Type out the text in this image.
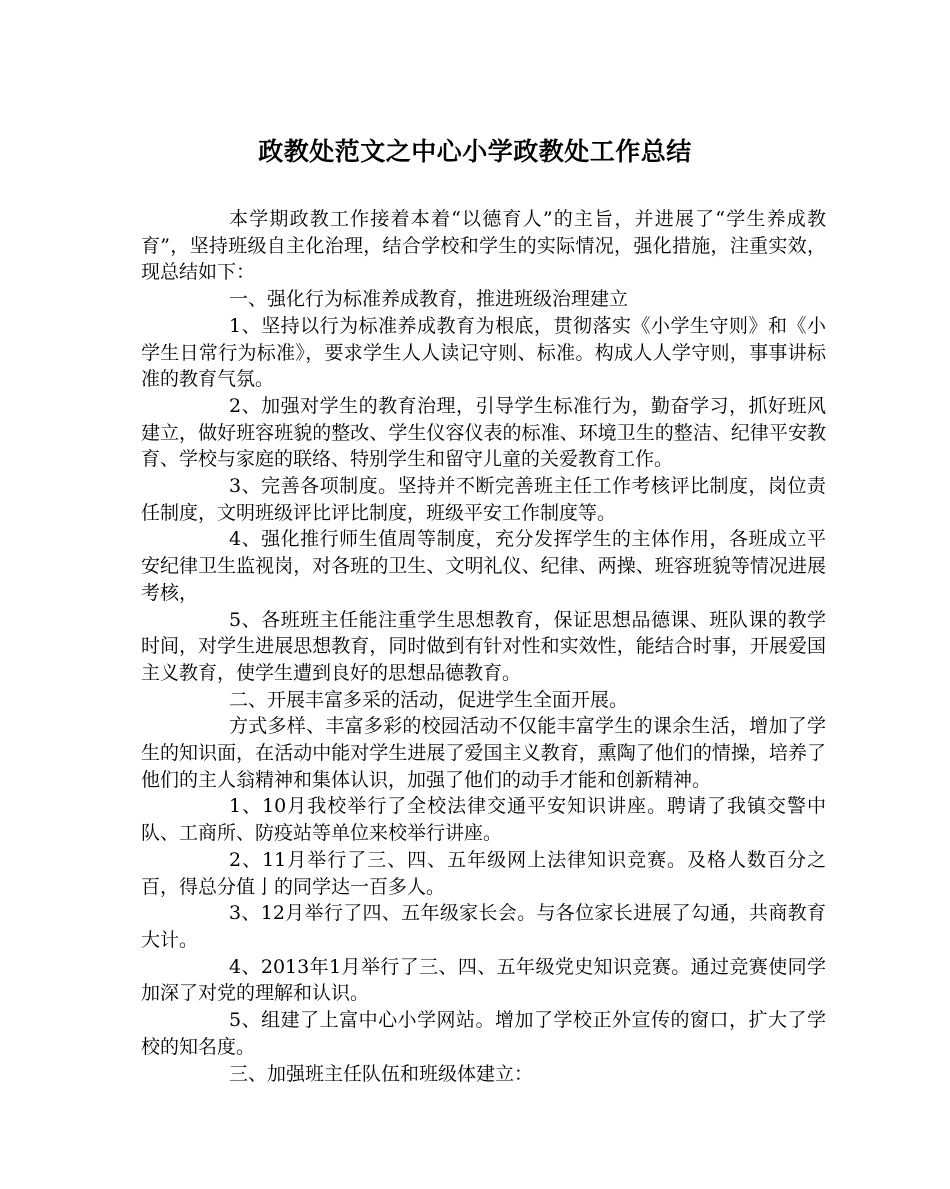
政教处范文之中心小学政教处工作总结

本学期政教工作接着本着“以德育人”的主旨，并进展了“学生养成教育”，坚持班级自主化治理，结合学校和学生的实际情况，强化措施，注重实效，现总结如下：

一、强化行为标准养成教育，推进班级治理建立

1、坚持以行为标准养成教育为根底，贯彻落实《小学生守则》和《小学生日常行为标准》，要求学生人人读记守则、标准。构成人人学守则，事事讲标准的教育气氛。

2、加强对学生的教育治理，引导学生标准行为，勤奋学习，抓好班风建立，做好班容班貌的整改、学生仪容仪表的标准、环境卫生的整洁、纪律平安教育、学校与家庭的联络、特别学生和留守儿童的关爱教育工作。

3、完善各项制度。坚持并不断完善班主任工作考核评比制度，岗位责任制度，文明班级评比评比制度，班级平安工作制度等。

4、强化推行师生值周等制度，充分发挥学生的主体作用，各班成立平安纪律卫生监视岗，对各班的卫生、文明礼仪、纪律、两操、班容班貌等情况进展考核，

5、各班班主任能注重学生思想教育，保证思想品德课、班队课的教学时间，对学生进展思想教育，同时做到有针对性和实效性，能结合时事，开展爱国主义教育，使学生遭到良好的思想品德教育。

二、开展丰富多采的活动，促进学生全面开展。

方式多样、丰富多彩的校园活动不仅能丰富学生的课余生活，增加了学生的知识面，在活动中能对学生进展了爱国主义教育，熏陶了他们的情操，培养了他们的主人翁精神和集体认识，加强了他们的动手才能和创新精神。

1、10月我校举行了全校法律交通平安知识讲座。聘请了我镇交警中队、工商所、防疫站等单位来校举行讲座。

2、11月举行了三、四、五年级网上法律知识竞赛。及格人数百分之百，得总分值亅的同学达一百多人。

3、12月举行了四、五年级家长会。与各位家长进展了勾通，共商教育大计。

4、2013年1月举行了三、四、五年级党史知识竞赛。通过竞赛使同学加深了对党的理解和认识。

5、组建了上富中心小学网站。增加了学校正外宣传的窗口，扩大了学校的知名度。

三、加强班主任队伍和班级体建立：
